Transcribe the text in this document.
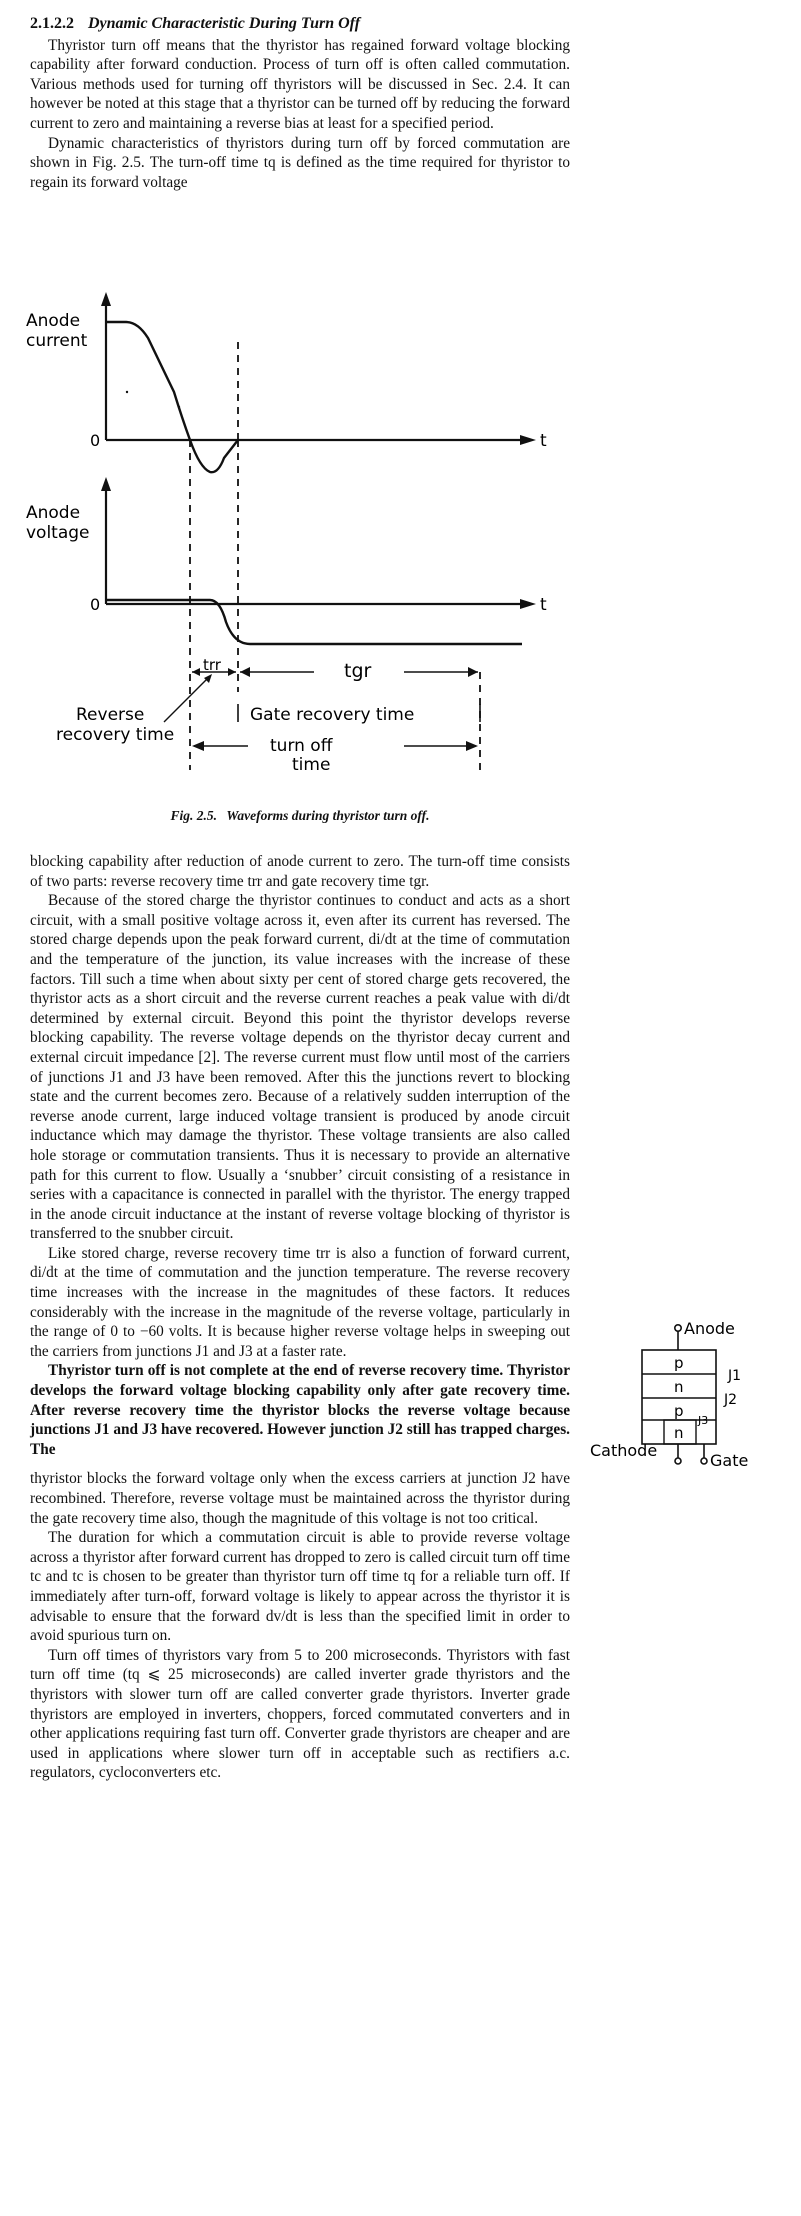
2.1.2.2 Dynamic Characteristic During Turn Off

Thyristor turn off means that the thyristor has regained forward voltage blocking capability after forward conduction. Process of turn off is often called commutation. Various methods used for turning off thyristors will be discussed in Sec. 2.4. It can however be noted at this stage that a thyristor can be turned off by reducing the forward current to zero and maintaining a reverse bias at least for a specified period.

Dynamic characteristics of thyristors during turn off by forced commutation are shown in Fig. 2.5. The turn-off time tq is defined as the time required for thyristor to regain its forward voltage

Anode
current
0	t
Anode
voltage
0	t
trr	tgr
Reverse
recovery time
Gate recovery time
turn off
time
Fig. 2.5. Waveforms during thyristor turn off.

blocking capability after reduction of anode current to zero. The turn-off time consists of two parts: reverse recovery time trr and gate recovery time tgr.

Because of the stored charge the thyristor continues to conduct and acts as a short circuit, with a small positive voltage across it, even after its current has reversed. The stored charge depends upon the peak forward current, di/dt at the time of commutation and the temperature of the junction, its value increases with the increase of these factors. Till such a time when about sixty per cent of stored charge gets recovered, the thyristor acts as a short circuit and the reverse current reaches a peak value with di/dt determined by external circuit. Beyond this point the thyristor develops reverse blocking capability. The reverse voltage depends on the thyristor decay current and external circuit impedance [2]. The reverse current must flow until most of the carriers of junctions J1 and J3 have been removed. After this the junctions revert to blocking state and the current becomes zero. Because of a relatively sudden interruption of the reverse anode current, large induced voltage transient is produced by anode circuit inductance which may damage the thyristor. These voltage transients are also called hole storage or commutation transients. Thus it is necessary to provide an alternative path for this current to flow. Usually a ‘snubber’ circuit consisting of a resistance in series with a capacitance is connected in parallel with the thyristor. The energy trapped in the anode circuit inductance at the instant of reverse voltage blocking of thyristor is transferred to the snubber circuit.

Like stored charge, reverse recovery time trr is also a function of forward current, di/dt at the time of commutation and the junction temperature. The reverse recovery time increases with the increase in the magnitudes of these factors. It reduces considerably with the increase in the magnitude of the reverse voltage, particularly in the range of 0 to −60 volts. It is because higher reverse voltage helps in sweeping out the carriers from junctions J1 and J3 at a faster rate.

Thyristor turn off is not complete at the end of reverse recovery time. Thyristor develops the forward voltage blocking capability only after gate recovery time. After reverse recovery time the thyristor blocks the reverse voltage because junctions J1 and J3 have recovered. However junction J2 still has trapped charges. The

thyristor blocks the forward voltage only when the excess carriers at junction J2 have recombined. Therefore, reverse voltage must be maintained across the thyristor during the gate recovery time also, though the magnitude of this voltage is not too critical.

The duration for which a commutation circuit is able to provide reverse voltage across a thyristor after forward current has dropped to zero is called circuit turn off time tc and tc is chosen to be greater than thyristor turn off time tq for a reliable turn off. If immediately after turn-off, forward voltage is likely to appear across the thyristor it is advisable to ensure that the forward dv/dt is less than the specified limit in order to avoid spurious turn on.

Turn off times of thyristors vary from 5 to 200 microseconds. Thyristors with fast turn off time (tq ⩽ 25 microseconds) are called inverter grade thyristors and the thyristors with slower turn off are called converter grade thyristors. Inverter grade thyristors are employed in inverters, choppers, forced commutated converters and in other applications requiring fast turn off. Converter grade thyristors are cheaper and are used in applications where slower turn off in acceptable such as rectifiers a.c. regulators, cycloconverters etc.

Anode
p
n
p
n
J1
J2
J3
Cathode
Gate
